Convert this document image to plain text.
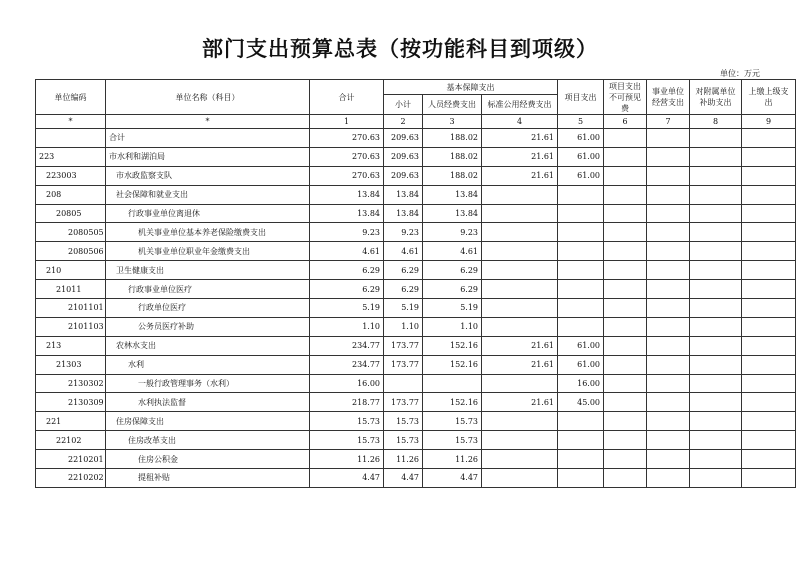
部门支出预算总表（按功能科目到项级）
单位：万元
单位编码	单位名称（科目）	合计	基本保障支出			项目支出	项目支出不可预见费	事业单位经营支出	对附属单位补助支出	上缴上级支出
			小计	人员经费支出	标准公用经费支出					
*	*	1	2	3	4	5	6	7	8	9
	合计	270.63	209.63	188.02	21.61	61.00				
223	市水利和湖泊局	270.63	209.63	188.02	21.61	61.00				
223003	市水政监察支队	270.63	209.63	188.02	21.61	61.00				
208	社会保障和就业支出	13.84	13.84	13.84						
20805	行政事业单位离退休	13.84	13.84	13.84						
2080505	机关事业单位基本养老保险缴费支出	9.23	9.23	9.23						
2080506	机关事业单位职业年金缴费支出	4.61	4.61	4.61						
210	卫生健康支出	6.29	6.29	6.29						
21011	行政事业单位医疗	6.29	6.29	6.29						
2101101	行政单位医疗	5.19	5.19	5.19						
2101103	公务员医疗补助	1.10	1.10	1.10						
213	农林水支出	234.77	173.77	152.16	21.61	61.00				
21303	水利	234.77	173.77	152.16	21.61	61.00				
2130302	一般行政管理事务（水利）	16.00				16.00				
2130309	水利执法监督	218.77	173.77	152.16	21.61	45.00				
221	住房保障支出	15.73	15.73	15.73						
22102	住房改革支出	15.73	15.73	15.73						
2210201	住房公积金	11.26	11.26	11.26						
2210202	提租补贴	4.47	4.47	4.47						
